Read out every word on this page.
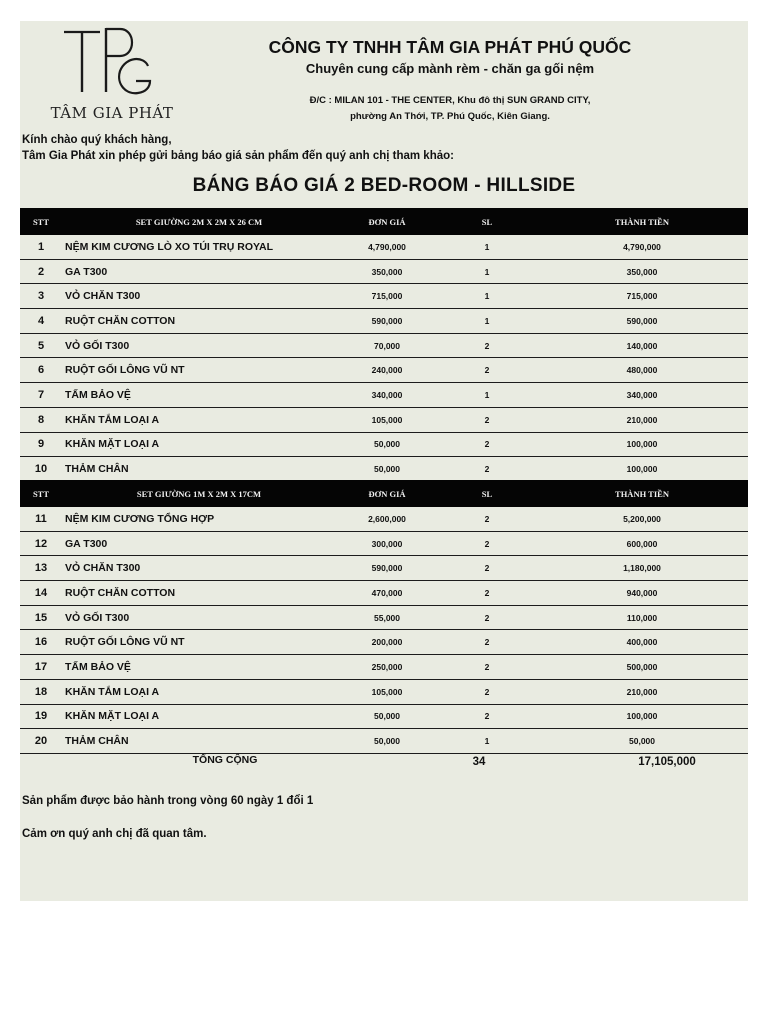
TÂM GIA PHÁT
CÔNG TY TNHH TÂM GIA PHÁT PHÚ QUỐC
Chuyên cung cấp mành rèm - chăn ga gối nệm
Đ/C : MILAN 101 - THE CENTER, Khu đô thị SUN GRAND CITY,
phường An Thới, TP. Phú Quốc, Kiên Giang.
Kính chào quý khách hàng,
Tâm Gia Phát xin phép gửi bảng báo giá sản phẩm đến quý anh chị tham khảo:
BÁNG BÁO GIÁ 2 BED-ROOM - HILLSIDE
STT	SET GIƯỜNG 2M X 2M X 26 CM	ĐƠN GIÁ	SL	THÀNH TIỀN
1	NỆM KIM CƯƠNG LÒ XO TÚI TRỤ ROYAL	4,790,000	1	4,790,000
2	GA T300	350,000	1	350,000
3	VỎ CHĂN T300	715,000	1	715,000
4	RUỘT CHĂN COTTON	590,000	1	590,000
5	VỎ GỐI T300	70,000	2	140,000
6	RUỘT GỐI LÔNG VŨ NT	240,000	2	480,000
7	TẤM BẢO VỆ	340,000	1	340,000
8	KHĂN TẮM LOẠI A	105,000	2	210,000
9	KHĂN MẶT LOẠI A	50,000	2	100,000
10	THẢM CHÂN	50,000	2	100,000
STT	SET GIƯỜNG 1M X 2M X 17CM	ĐƠN GIÁ	SL	THÀNH TIỀN
11	NỆM KIM CƯƠNG TỔNG HỢP	2,600,000	2	5,200,000
12	GA T300	300,000	2	600,000
13	VỎ CHĂN T300	590,000	2	1,180,000
14	RUỘT CHĂN COTTON	470,000	2	940,000
15	VỎ GỐI T300	55,000	2	110,000
16	RUỘT GỐI LÔNG VŨ NT	200,000	2	400,000
17	TẤM BẢO VỆ	250,000	2	500,000
18	KHĂN TẮM LOẠI A	105,000	2	210,000
19	KHĂN MẶT LOẠI A	50,000	2	100,000
20	THẢM CHÂN	50,000	1	50,000
TỔNG CỘNG	34	17,105,000
Sản phẩm được bảo hành trong vòng 60 ngày 1 đổi 1
Cảm ơn quý anh chị đã quan tâm.
